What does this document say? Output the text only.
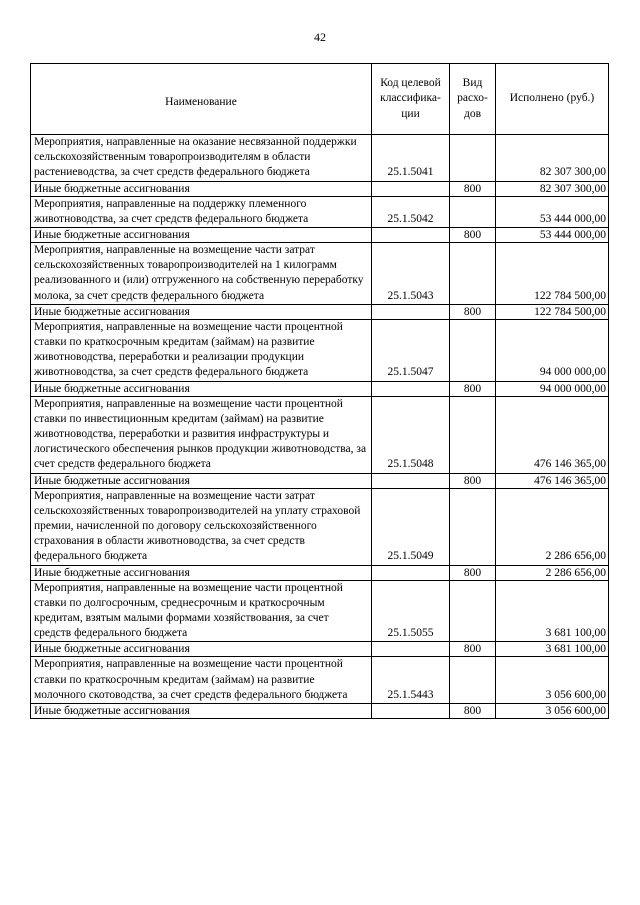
42
Наименование	Код целевой классифика-ции	Вид расхо-дов	Исполнено (руб.)
Мероприятия, направленные на оказание несвязанной поддержки сельскохозяйственным товаропроизводителям в области растениеводства, за счет средств федерального бюджета	25.1.5041		82 307 300,00
Иные бюджетные ассигнования		800	82 307 300,00
Мероприятия, направленные на поддержку племенного животноводства, за счет средств федерального бюджета	25.1.5042		53 444 000,00
Иные бюджетные ассигнования		800	53 444 000,00
Мероприятия, направленные на возмещение части затрат сельскохозяйственных товаропроизводителей на 1 килограмм реализованного и (или) отгруженного на собственную переработку молока, за счет средств федерального бюджета	25.1.5043		122 784 500,00
Иные бюджетные ассигнования		800	122 784 500,00
Мероприятия, направленные на возмещение части процентной ставки по краткосрочным кредитам (займам) на развитие животноводства, переработки и реализации продукции животноводства, за счет средств федерального бюджета	25.1.5047		94 000 000,00
Иные бюджетные ассигнования		800	94 000 000,00
Мероприятия, направленные на возмещение части процентной ставки по инвестиционным кредитам (займам) на развитие животноводства, переработки и развития инфраструктуры и логистического обеспечения рынков продукции животноводства, за счет средств федерального бюджета	25.1.5048		476 146 365,00
Иные бюджетные ассигнования		800	476 146 365,00
Мероприятия, направленные на возмещение части затрат сельскохозяйственных товаропроизводителей на уплату страховой премии, начисленной по договору сельскохозяйственного страхования в области животноводства, за счет средств федерального бюджета	25.1.5049		2 286 656,00
Иные бюджетные ассигнования		800	2 286 656,00
Мероприятия, направленные на возмещение части процентной ставки по долгосрочным, среднесрочным и краткосрочным кредитам, взятым малыми формами хозяйствования, за счет средств федерального бюджета	25.1.5055		3 681 100,00
Иные бюджетные ассигнования		800	3 681 100,00
Мероприятия, направленные на возмещение части процентной ставки по краткосрочным кредитам (займам) на развитие молочного скотоводства, за счет средств федерального бюджета	25.1.5443		3 056 600,00
Иные бюджетные ассигнования		800	3 056 600,00
